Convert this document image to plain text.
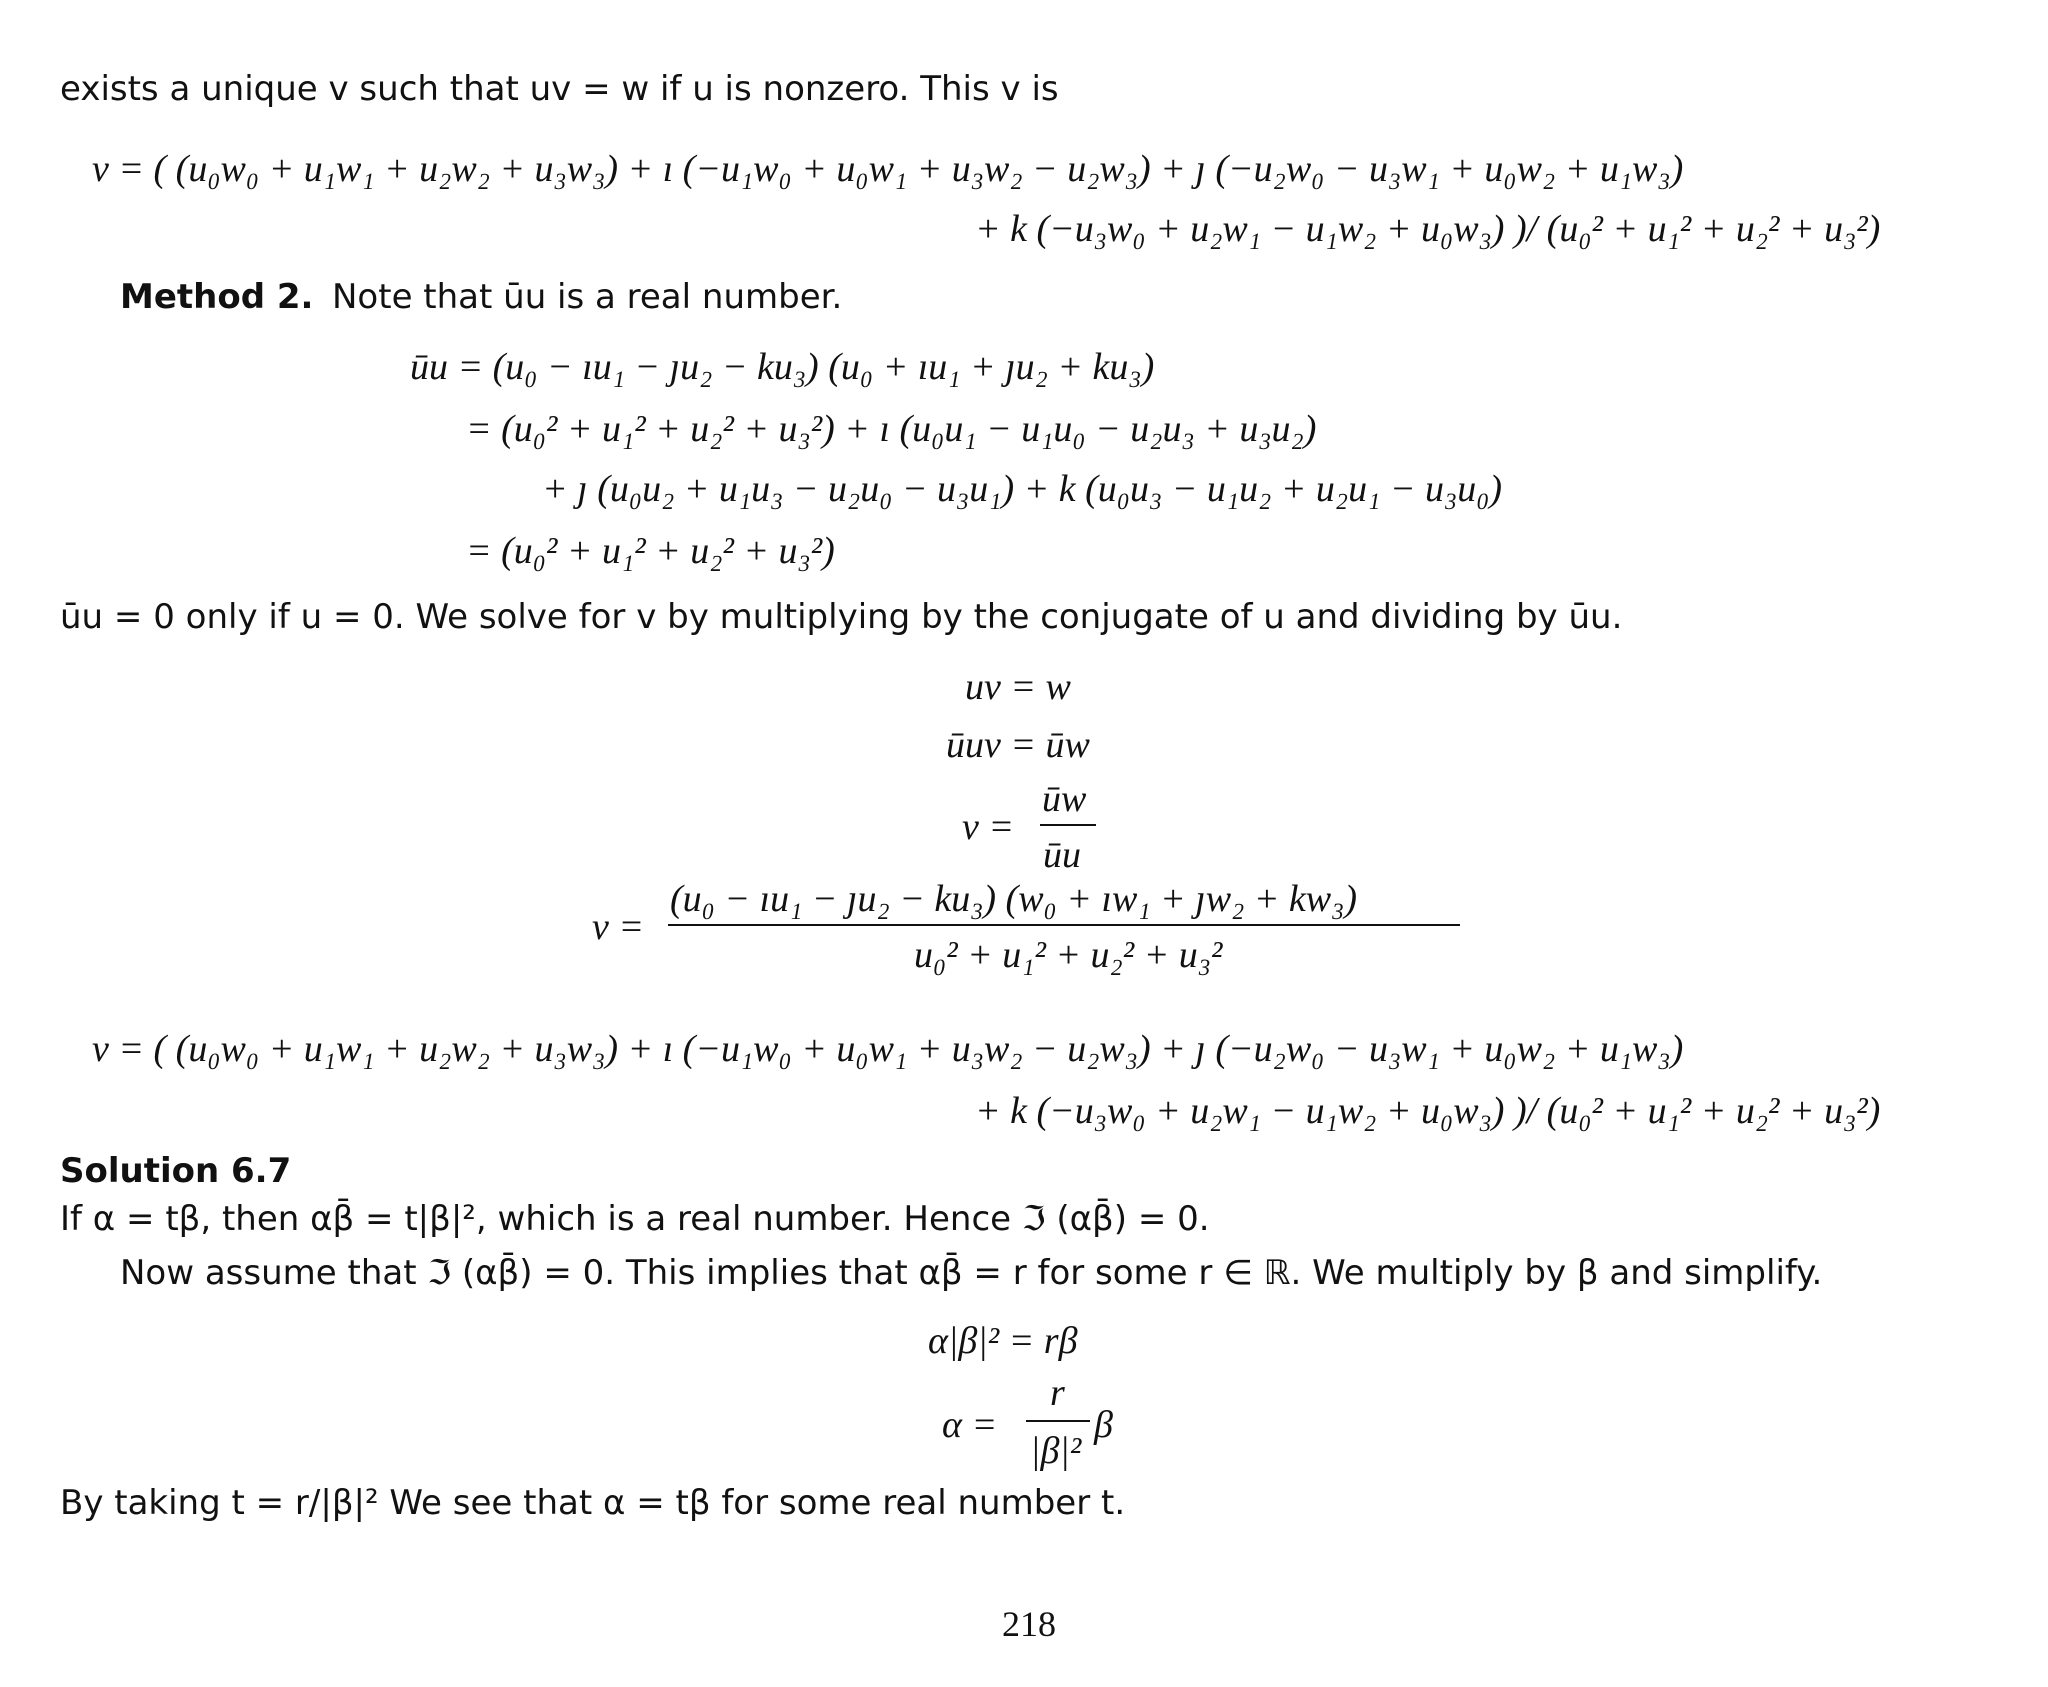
exists a unique v such that uv = w if u is nonzero. This v is
v = ( (u₀w₀ + u₁w₁ + u₂w₂ + u₃w₃) + ı (−u₁w₀ + u₀w₁ + u₃w₂ − u₂w₃) + ȷ (−u₂w₀ − u₃w₁ + u₀w₂ + u₁w₃)
+ k (−u₃w₀ + u₂w₁ − u₁w₂ + u₀w₃) )/ (u₀² + u₁² + u₂² + u₃²)
Method 2. Note that ūu is a real number.
ūu = (u₀ − ıu₁ − ȷu₂ − ku₃) (u₀ + ıu₁ + ȷu₂ + ku₃)
= (u₀² + u₁² + u₂² + u₃²) + ı (u₀u₁ − u₁u₀ − u₂u₃ + u₃u₂)
+ ȷ (u₀u₂ + u₁u₃ − u₂u₀ − u₃u₁) + k (u₀u₃ − u₁u₂ + u₂u₁ − u₃u₀)
= (u₀² + u₁² + u₂² + u₃²)
ūu = 0 only if u = 0. We solve for v by multiplying by the conjugate of u and dividing by ūu.
uv = w
ūuv = ūw
v =
ūw
ūu
v =
(u₀ − ıu₁ − ȷu₂ − ku₃) (w₀ + ıw₁ + ȷw₂ + kw₃)
u₀² + u₁² + u₂² + u₃²
v = ( (u₀w₀ + u₁w₁ + u₂w₂ + u₃w₃) + ı (−u₁w₀ + u₀w₁ + u₃w₂ − u₂w₃) + ȷ (−u₂w₀ − u₃w₁ + u₀w₂ + u₁w₃)
+ k (−u₃w₀ + u₂w₁ − u₁w₂ + u₀w₃) )/ (u₀² + u₁² + u₂² + u₃²)
Solution 6.7
If α = tβ, then αβ̄ = t|β|², which is a real number. Hence ℑ (αβ̄) = 0.
Now assume that ℑ (αβ̄) = 0. This implies that αβ̄ = r for some r ∈ ℝ. We multiply by β and simplify.
α|β|² = rβ
α =
r
|β|²
β
By taking t = r/|β|² We see that α = tβ for some real number t.
218
